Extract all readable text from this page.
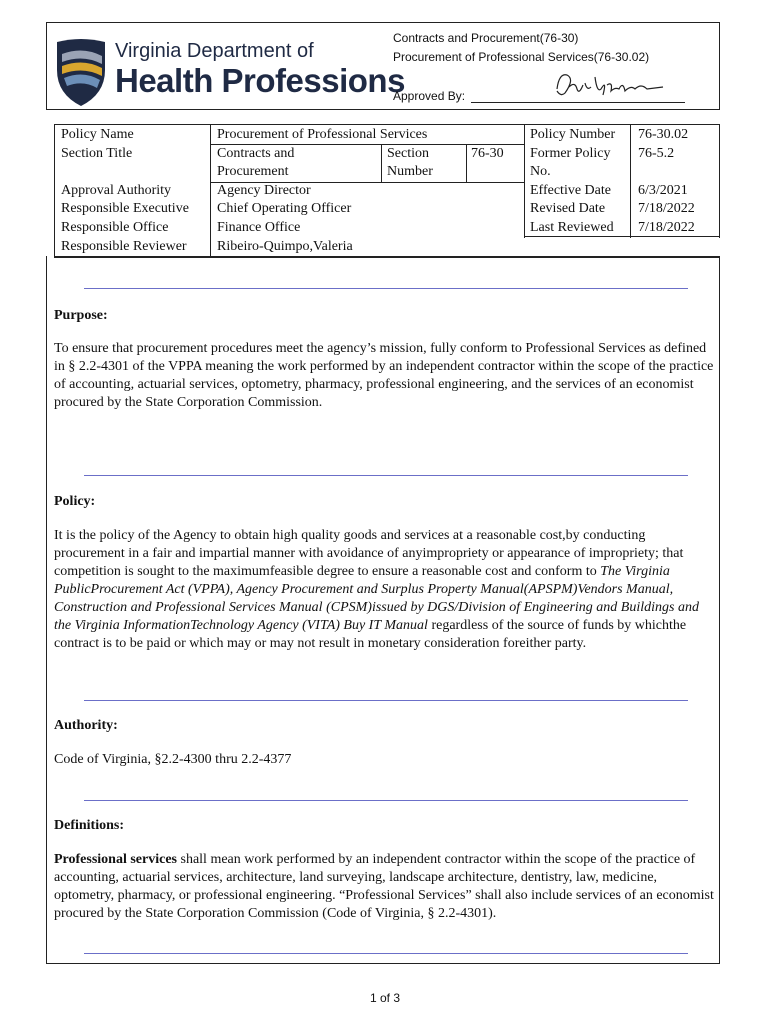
Virginia Department of
Health Professions
Contracts and Procurement(76-30)
Procurement of Professional Services(76-30.02)
Approved By:
Policy Name
Section Title
Approval Authority
Responsible Executive
Responsible Office
Responsible Reviewer
Procurement of Professional Services
Contracts and
Procurement
Section
Number
76-30
Agency Director
Chief Operating Officer
Finance Office
Ribeiro-Quimpo,Valeria
Policy Number
Former Policy
No.
Effective Date
Revised Date
Last Reviewed
76-30.02
76-5.2
6/3/2021
7/18/2022
7/18/2022
Purpose:

To ensure that procurement procedures meet the agency’s mission, fully conform to Professional Services as defined in § 2.2-4301 of the VPPA meaning the work performed by an independent contractor within the scope of the practice of accounting, actuarial services, optometry, pharmacy, professional engineering, and the services of an economist procured by the State Corporation Commission.

Policy:

It is the policy of the Agency to obtain high quality goods and services at a reasonable cost,by conducting procurement in a fair and impartial manner with avoidance of anyimpropriety or appearance of impropriety; that competition is sought to the maximumfeasible degree to ensure a reasonable cost and conform to The Virginia PublicProcurement Act (VPPA), Agency Procurement and Surplus Property Manual(APSPM)Vendors Manual, Construction and Professional Services Manual (CPSM)issued by DGS/Division of Engineering and Buildings and the Virginia InformationTechnology Agency (VITA) Buy IT Manual regardless of the source of funds by whichthe contract is to be paid or which may or may not result in monetary consideration foreither party.

Authority:

Code of Virginia, §2.2-4300 thru 2.2-4377

Definitions:

Professional services shall mean work performed by an independent contractor within the scope of the practice of accounting, actuarial services, architecture, land surveying, landscape architecture, dentistry, law, medicine, optometry, pharmacy, or professional engineering. “Professional Services” shall also include services of an economist procured by the State Corporation Commission (Code of Virginia, § 2.2-4301).

1 of 3
